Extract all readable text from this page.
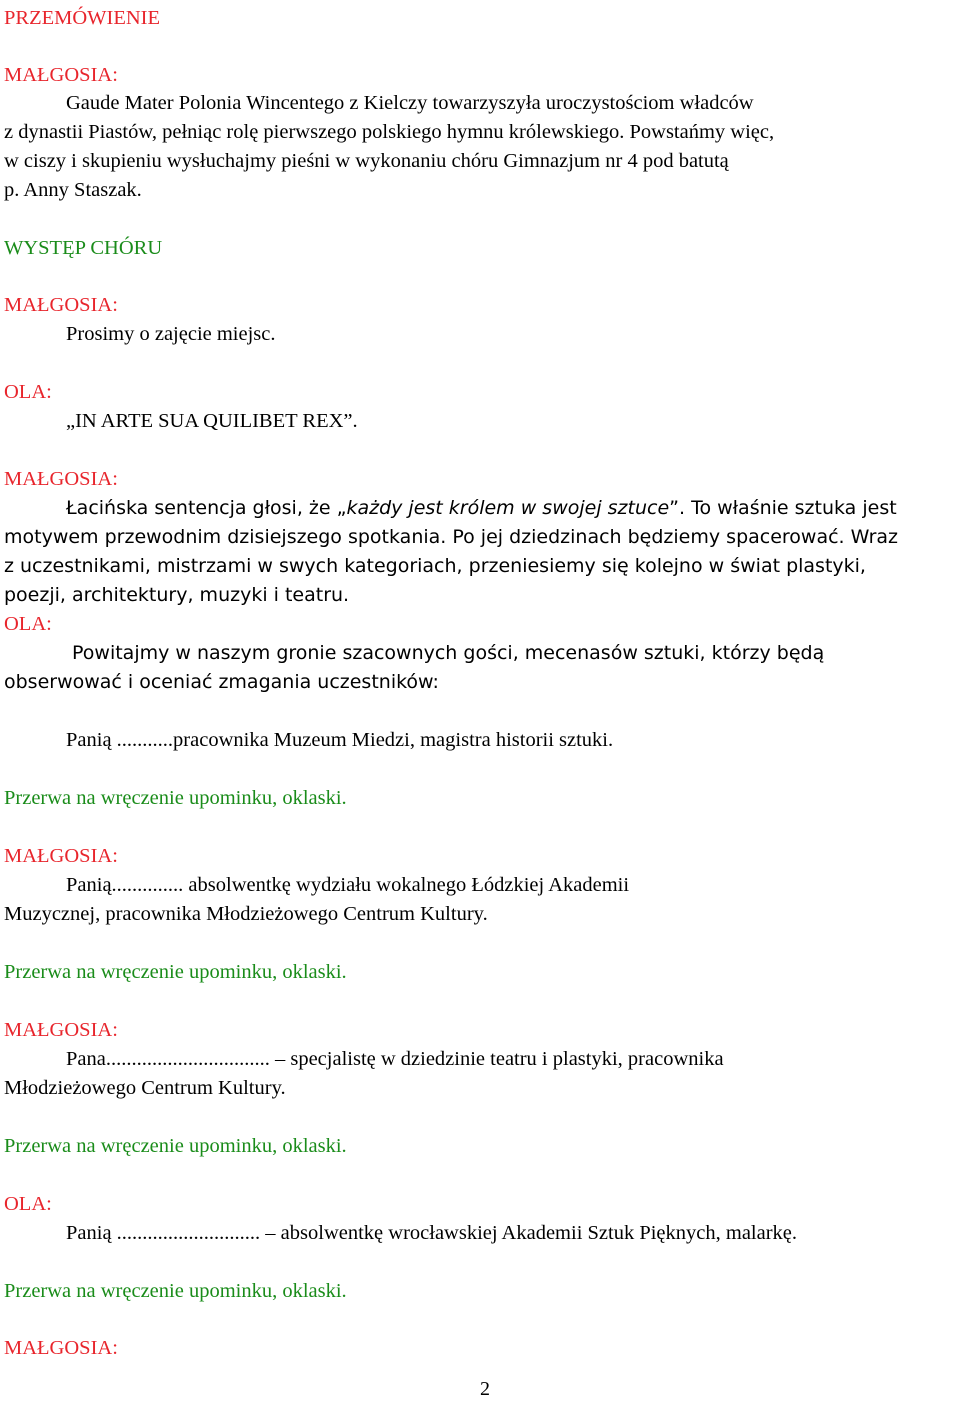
PRZEMÓWIENIE
MAŁGOSIA:
Gaude Mater Polonia Wincentego z Kielczy towarzyszyła uroczystościom władców
z dynastii Piastów, pełniąc rolę pierwszego polskiego hymnu królewskiego. Powstańmy więc,
w ciszy i skupieniu wysłuchajmy pieśni w wykonaniu chóru Gimnazjum nr 4 pod batutą
p. Anny Staszak.
WYSTĘP CHÓRU
MAŁGOSIA:
Prosimy o zajęcie miejsc.
OLA:
„IN ARTE SUA QUILIBET REX”.
MAŁGOSIA:
Łacińska sentencja głosi, że „każdy jest królem w swojej sztuce”. To właśnie sztuka jest
motywem przewodnim dzisiejszego spotkania. Po jej dziedzinach będziemy spacerować. Wraz
z uczestnikami, mistrzami w swych kategoriach, przeniesiemy się kolejno w świat plastyki,
poezji, architektury, muzyki i teatru.
OLA:
Powitajmy w naszym gronie szacownych gości, mecenasów sztuki, którzy będą
obserwować i oceniać zmagania uczestników:
Panią ...........pracownika Muzeum Miedzi, magistra historii sztuki.
Przerwa na wręczenie upominku, oklaski.
MAŁGOSIA:
Panią.............. absolwentkę wydziału wokalnego Łódzkiej Akademii
Muzycznej, pracownika Młodzieżowego Centrum Kultury.
Przerwa na wręczenie upominku, oklaski.
MAŁGOSIA:
Pana................................ – specjalistę w dziedzinie teatru i plastyki, pracownika
Młodzieżowego Centrum Kultury.
Przerwa na wręczenie upominku, oklaski.
OLA:
Panią ............................ – absolwentkę wrocławskiej Akademii Sztuk Pięknych, malarkę.
Przerwa na wręczenie upominku, oklaski.
MAŁGOSIA:
2
